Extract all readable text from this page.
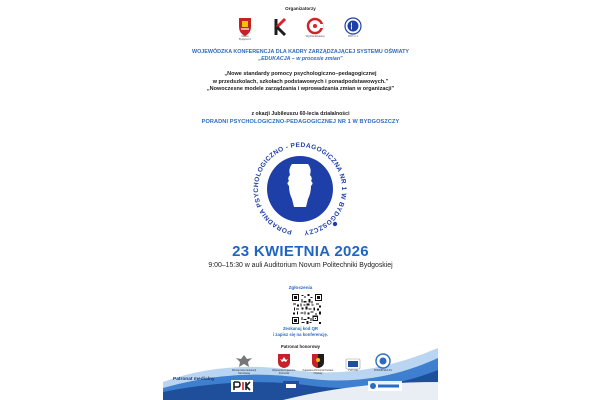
Organizatorzy
Miasto Bydgoszcz
Wydział Edukacji	PPP nr 1
WOJEWÓDZKA KONFERENCJA DLA KADRY ZARZĄDZAJĄCEJ SYSTEMU OŚWIATY
„EDUKACJA – w procesie zmian"
„Nowe standardy pomocy psychologiczno–pedagogicznej
w przedszkolach, szkołach podstawowych i ponadpodstawowych."
„Nowoczesne modele zarządzania i wprowadzania zmian w organizacji"
z okazji Jubileuszu 60-lecia działalności
PORADNI PSYCHOLOGICZNO-PEDAGOGICZNEJ NR 1 W BYDGOSZCZY
PORADNIA PSYCHOLOGICZNO - PEDAGOGICZNA NR 1 W BYDGOSZCZY
23 KWIETNIA 2026
9:00–15:30 w auli Auditorium Novum Politechniki Bydgoskiej
Zgłoszenia
Zeskanuj kod QR
i zapisz się na konferencję.
Patronat honorowy
Ministerstwo Edukacji Narodowej
Wojewoda Kujawsko-Pomorski
Kujawsko-Pomorski Kurator Oświaty
TVP Info	POMORSKA.PL
Patronat medialny
